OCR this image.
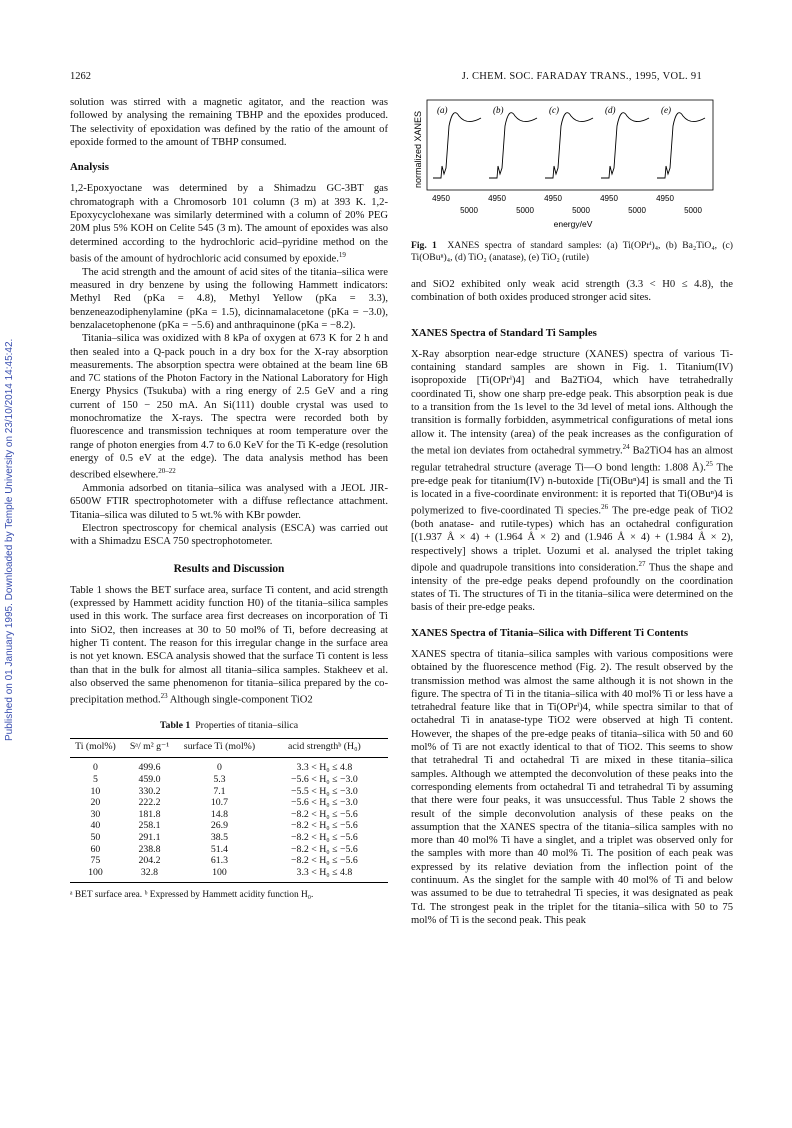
Published on 01 January 1995. Downloaded by Temple University on 23/10/2014 14:45:42.
1262	J. CHEM. SOC. FARADAY TRANS., 1995, VOL. 91

solution was stirred with a magnetic agitator, and the reaction was followed by analysing the remaining TBHP and the epoxides produced. The selectivity of epoxidation was defined by the ratio of the amount of epoxide formed to the amount of TBHP consumed.

Analysis

1,2-Epoxyoctane was determined by a Shimadzu GC-3BT gas chromatograph with a Chromosorb 101 column (3 m) at 393 K. 1,2-Epoxycyclohexane was similarly determined with a column of 20% PEG 20M plus 5% KOH on Celite 545 (3 m). The amount of epoxides was also determined according to the hydrochloric acid–pyridine method on the basis of the amount of hydrochloric acid consumed by epoxide.$^{19}$

The acid strength and the amount of acid sites of the titania–silica were measured in dry benzene by using the following Hammett indicators: Methyl Red (pKa = 4.8), Methyl Yellow (pKa = 3.3), benzeneazodiphenylamine (pKa = 1.5), dicinnamalacetone (pKa = −3.0), benzalacetophenone (pKa = −5.6) and anthraquinone (pKa = −8.2).

Titania–silica was oxidized with 8 kPa of oxygen at 673 K for 2 h and then sealed into a Q-pack pouch in a dry box for the X-ray absorption measurements. The absorption spectra were obtained at the beam line 6B and 7C stations of the Photon Factory in the National Laboratory for High Energy Physics (Tsukuba) with a ring energy of 2.5 GeV and a ring current of 150 − 250 mA. An Si(111) double crystal was used to monochromatize the X-rays. The spectra were recorded both by fluorescence and transmission techniques at room temperature over the range of photon energies from 4.7 to 6.0 KeV for the Ti K-edge (resolution energy of 0.5 eV at the edge). The data analysis method has been described elsewhere.$^{20-22}$

Ammonia adsorbed on titania–silica was analysed with a JEOL JIR-6500W FTIR spectrophotometer with a diffuse reflectance attachment. Titania–silica was diluted to 5 wt.% with KBr powder.

Electron spectroscopy for chemical analysis (ESCA) was carried out with a Shimadzu ESCA 750 spectrophotometer.

Results and Discussion

Table 1 shows the BET surface area, surface Ti content, and acid strength (expressed by Hammett acidity function H0) of the titania–silica samples used in this work. The surface area first decreases on incorporation of Ti into SiO2, then increases at 30 to 50 mol% of Ti, before decreasing at higher Ti content. The reason for this irregular change in the surface area is not yet known. ESCA analysis showed that the surface Ti content is less than that in the bulk for almost all titania–silica samples. Stakheev et al. also observed the same phenomenon for titania–silica prepared by the co-precipitation method.$^{23}$ Although single-component TiO2

Table 1 Properties of titania–silica
Ti (mol%)	Sᵃ/ m² g⁻¹	surface Ti (mol%)	acid strengthᵇ (H₀)
0	499.6	0	3.3 < H₀ ≤ 4.8
5	459.0	5.3	−5.6 < H₀ ≤ −3.0
10	330.2	7.1	−5.5 < H₀ ≤ −3.0
20	222.2	10.7	−5.6 < H₀ ≤ −3.0
30	181.8	14.8	−8.2 < H₀ ≤ −5.6
40	258.1	26.9	−8.2 < H₀ ≤ −5.6
50	291.1	38.5	−8.2 < H₀ ≤ −5.6
60	238.8	51.4	−8.2 < H₀ ≤ −5.6
75	204.2	61.3	−8.2 < H₀ ≤ −5.6
100	32.8	100	3.3 < H₀ ≤ 4.8
ᵃ BET surface area. ᵇ Expressed by Hammett acidity function H₀.
normalized XANES
(a)	(b)	(c)	(d)	(e)
4950	4950	4950	4950	4950
5000	5000	5000	5000	5000
energy/eV
Fig. 1 XANES spectra of standard samples: (a) Ti(OPrⁱ)₄, (b) Ba₂TiO₄, (c) Ti(OBuⁿ)₄, (d) TiO₂ (anatase), (e) TiO₂ (rutile)

and SiO2 exhibited only weak acid strength (3.3 < H0 ≤ 4.8), the combination of both oxides produced stronger acid sites.

XANES Spectra of Standard Ti Samples

X-Ray absorption near-edge structure (XANES) spectra of various Ti-containing standard samples are shown in Fig. 1. Titanium(IV) isopropoxide [Ti(OPrⁱ)4] and Ba2TiO4, which have tetrahedrally coordinated Ti, show one sharp pre-edge peak. This absorption peak is due to a transition from the 1s level to the 3d level of metal ions. Although the transition is formally forbidden, asymmetrical configurations of metal ions allow it. The intensity (area) of the peak increases as the configuration of the metal ion deviates from octahedral symmetry.$^{24}$ Ba2TiO4 has an almost regular tetrahedral structure (average Ti—O bond length: 1.808 Å).$^{25}$ The pre-edge peak for titanium(IV) n-butoxide [Ti(OBuⁿ)4] is small and the Ti is located in a five-coordinate environment: it is reported that Ti(OBuⁿ)4 is polymerized to five-coordinated Ti species.$^{26}$ The pre-edge peak of TiO2 (both anatase- and rutile-types) which has an octahedral configuration [(1.937 Å × 4) + (1.964 Å × 2) and (1.946 Å × 4) + (1.984 Å × 2), respectively] shows a triplet. Uozumi et al. analysed the triplet taking dipole and quadrupole transitions into consideration.$^{27}$ Thus the shape and intensity of the pre-edge peaks depend profoundly on the coordination states of Ti. The structures of Ti in the titania–silica were determined on the basis of their pre-edge peaks.

XANES Spectra of Titania–Silica with Different Ti Contents

XANES spectra of titania–silica samples with various compositions were obtained by the fluorescence method (Fig. 2). The result observed by the transmission method was almost the same although it is not shown in the figure. The spectra of Ti in the titania–silica with 40 mol% Ti or less have a tetrahedral feature like that in Ti(OPrⁱ)4, while spectra similar to that of octahedral Ti in anatase-type TiO2 were observed at high Ti content. However, the shapes of the pre-edge peaks of titania–silica with 50 and 60 mol% of Ti are not exactly identical to that of TiO2. This seems to show that tetrahedral Ti and octahedral Ti are mixed in these titania–silica samples. Although we attempted the deconvolution of these peaks into the corresponding elements from octahedral Ti and tetrahedral Ti by assuming that there were four peaks, it was unsuccessful. Thus Table 2 shows the result of the simple deconvolution analysis of these peaks on the assumption that the XANES spectra of the titania–silica samples with no more than 40 mol% Ti have a singlet, and a triplet was observed only for the samples with more than 40 mol% Ti. The position of each peak was expressed by its relative deviation from the inflection point of the continuum. As the singlet for the sample with 40 mol% of Ti and below was assumed to be due to tetrahedral Ti species, it was designated as peak Td. The strongest peak in the triplet for the titania–silica with 50 to 75 mol% of Ti is the second peak. This peak
